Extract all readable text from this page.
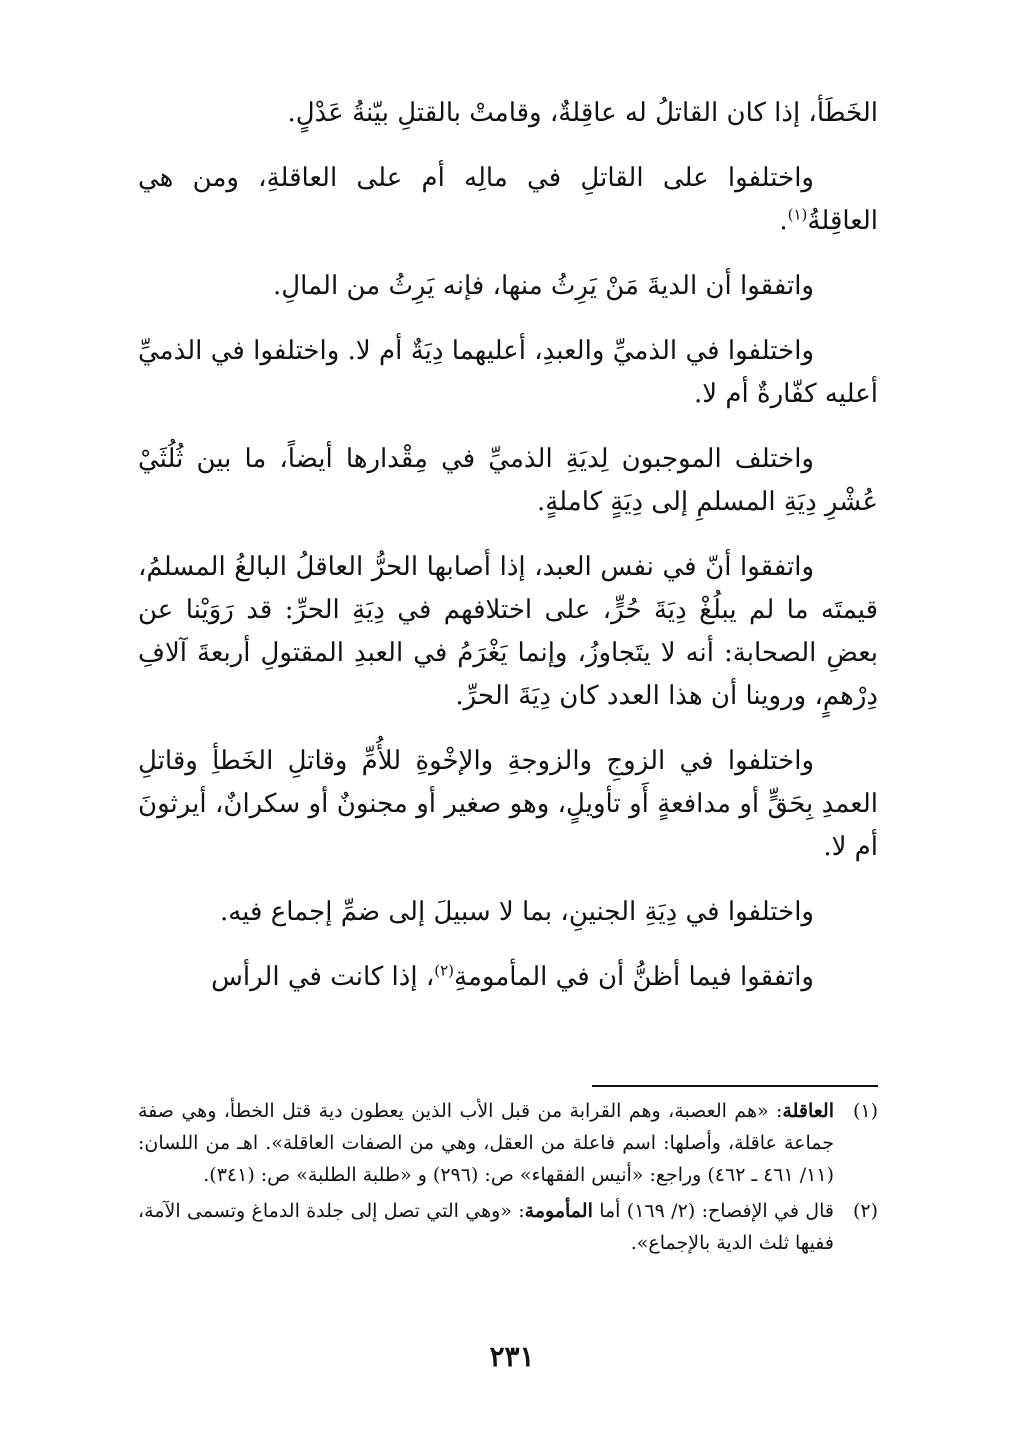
الخَطَأ، إذا كان القاتلُ له عاقِلةٌ، وقامتْ بالقتلِ بيّنةُ عَدْلٍ.

واختلفوا على القاتلِ في مالِه أم على العاقلةِ، ومن هي العاقِلةُ$^{(١)}$.

واتفقوا أن الديةَ مَنْ يَرِثُ منها، فإنه يَرِثُ من المالِ.

واختلفوا في الذميِّ والعبدِ، أعليهما دِيَةٌ أم لا. واختلفوا في الذميِّ أعليه كفّارةٌ أم لا.

واختلف الموجبون لِديَةِ الذميِّ في مِقْدارها أيضاً، ما بين ثُلُثَيْ عُشْرِ دِيَةِ المسلمِ إلى دِيَةٍ كاملةٍ.

واتفقوا أنّ في نفس العبد، إذا أصابها الحرُّ العاقلُ البالغُ المسلمُ، قيمتَه ما لم يبلُغْ دِيَةَ حُرٍّ، على اختلافهم في دِيَةِ الحرِّ: قد رَوَيْنا عن بعضِ الصحابة: أنه لا يتَجاوزُ، وإنما يَغْرَمُ في العبدِ المقتولِ أربعةَ آلافِ دِرْهمٍ، وروينا أن هذا العدد كان دِيَةَ الحرِّ.

واختلفوا في الزوجِ والزوجةِ والإخْوةِ للأُمِّ وقاتلِ الخَطأِ وقاتلِ العمدِ بِحَقٍّ أو مدافعةٍ أَو تأويلٍ، وهو صغير أو مجنونٌ أو سكرانٌ، أيرثونَ أم لا.

واختلفوا في دِيَةِ الجنينِ، بما لا سبيلَ إلى ضمِّ إجماع فيه.

واتفقوا فيما أظنُّ أن في المأمومةِ$^{(٢)}$، إذا كانت في الرأس

(١)
العاقلة: «هم العصبة، وهم القرابة من قبل الأب الذين يعطون دية قتل الخطأ، وهي صفة جماعة عاقلة، وأصلها: اسم فاعلة من العقل، وهي من الصفات العاقلة». اهـ من اللسان: (١١/ ٤٦١ ـ ٤٦٢) وراجع: «أنيس الفقهاء» ص: (٢٩٦) و «طلبة الطلبة» ص: (٣٤١).
(٢)
قال في الإفصاح: (٢/ ١٦٩) أما المأمومة: «وهي التي تصل إلى جلدة الدماغ وتسمى الآمة، ففيها ثلث الدية بالإجماع».
٢٣١
